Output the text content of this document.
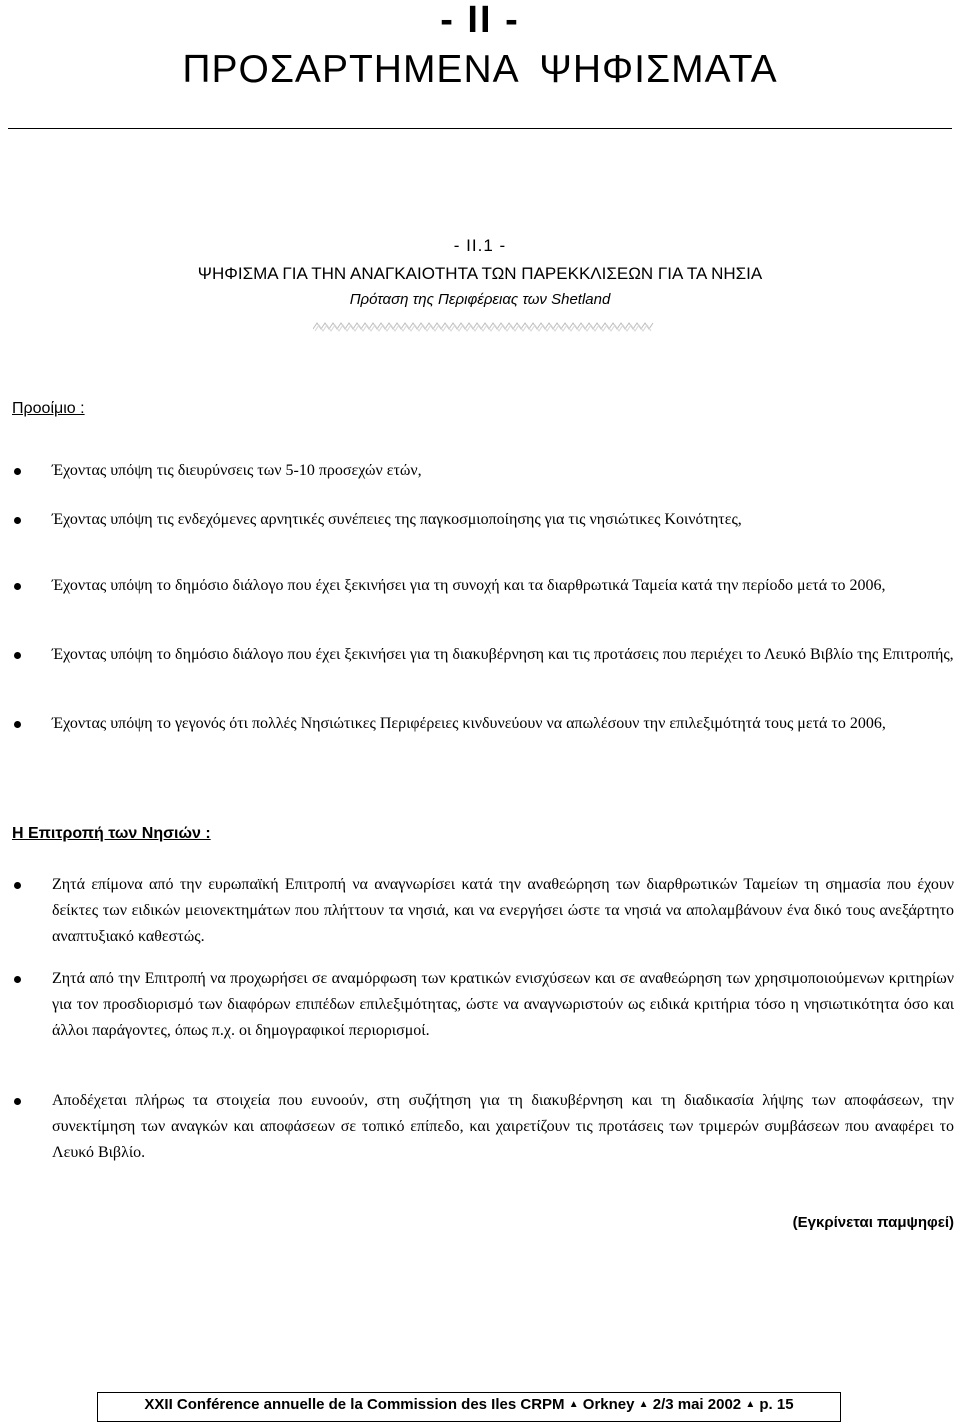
- II -
ΠΡΟΣΑΡΤΗΜΕΝΑ ΨΗΦΙΣΜΑΤΑ
- II.1 -
ΨΗΦΙΣΜΑ ΓΙΑ ΤΗΝ ΑΝΑΓΚΑΙΟΤΗΤΑ ΤΩΝ ΠΑΡΕΚΚΛΙΣΕΩΝ ΓΙΑ ΤΑ ΝΗΣΙΑ
Πρόταση της Περιφέρειας των Shetland
Προοίμιο :
Έχοντας υπόψη τις διευρύνσεις των 5-10 προσεχών ετών,
Έχοντας υπόψη τις ενδεχόμενες αρνητικές συνέπειες της παγκοσμιοποίησης για τις νησιώτικες Κοινότητες,
Έχοντας υπόψη το δημόσιο διάλογο που έχει ξεκινήσει για τη συνοχή και τα διαρθρωτικά Ταμεία κατά την περίοδο μετά το 2006,
Έχοντας υπόψη το δημόσιο διάλογο που έχει ξεκινήσει για τη διακυβέρνηση και τις προτάσεις που περιέχει το Λευκό Βιβλίο της Επιτροπής,
Έχοντας υπόψη το γεγονός ότι πολλές Νησιώτικες Περιφέρειες κινδυνεύουν να απωλέσουν την επιλεξιμότητά τους μετά το 2006,
Η Επιτροπή των Νησιών :
Ζητά επίμονα από την ευρωπαϊκή Επιτροπή να αναγνωρίσει κατά την αναθεώρηση των διαρθρωτικών Ταμείων τη σημασία που έχουν δείκτες των ειδικών μειονεκτημάτων που πλήττουν τα νησιά, και να ενεργήσει ώστε τα νησιά να απολαμβάνουν ένα δικό τους ανεξάρτητο αναπτυξιακό καθεστώς.
Ζητά από την Επιτροπή να προχωρήσει σε αναμόρφωση των κρατικών ενισχύσεων και σε αναθεώρηση των χρησιμοποιούμενων κριτηρίων για τον προσδιορισμό των διαφόρων επιπέδων επιλεξιμότητας, ώστε να αναγνωριστούν ως ειδικά κριτήρια τόσο η νησιωτικότητα όσο και άλλοι παράγοντες, όπως π.χ. οι δημογραφικοί περιορισμοί.
Αποδέχεται πλήρως τα στοιχεία που ευνοούν, στη συζήτηση για τη διακυβέρνηση και τη διαδικασία λήψης των αποφάσεων, την συνεκτίμηση των αναγκών και αποφάσεων σε τοπικό επίπεδο, και χαιρετίζουν τις προτάσεις των τριμερών συμβάσεων που αναφέρει το Λευκό Βιβλίο.
(Εγκρίνεται παμψηφεί)
XXII Conférence annuelle de la Commission des Iles CRPM ▲ Orkney ▲ 2/3 mai 2002 ▲ p. 15
